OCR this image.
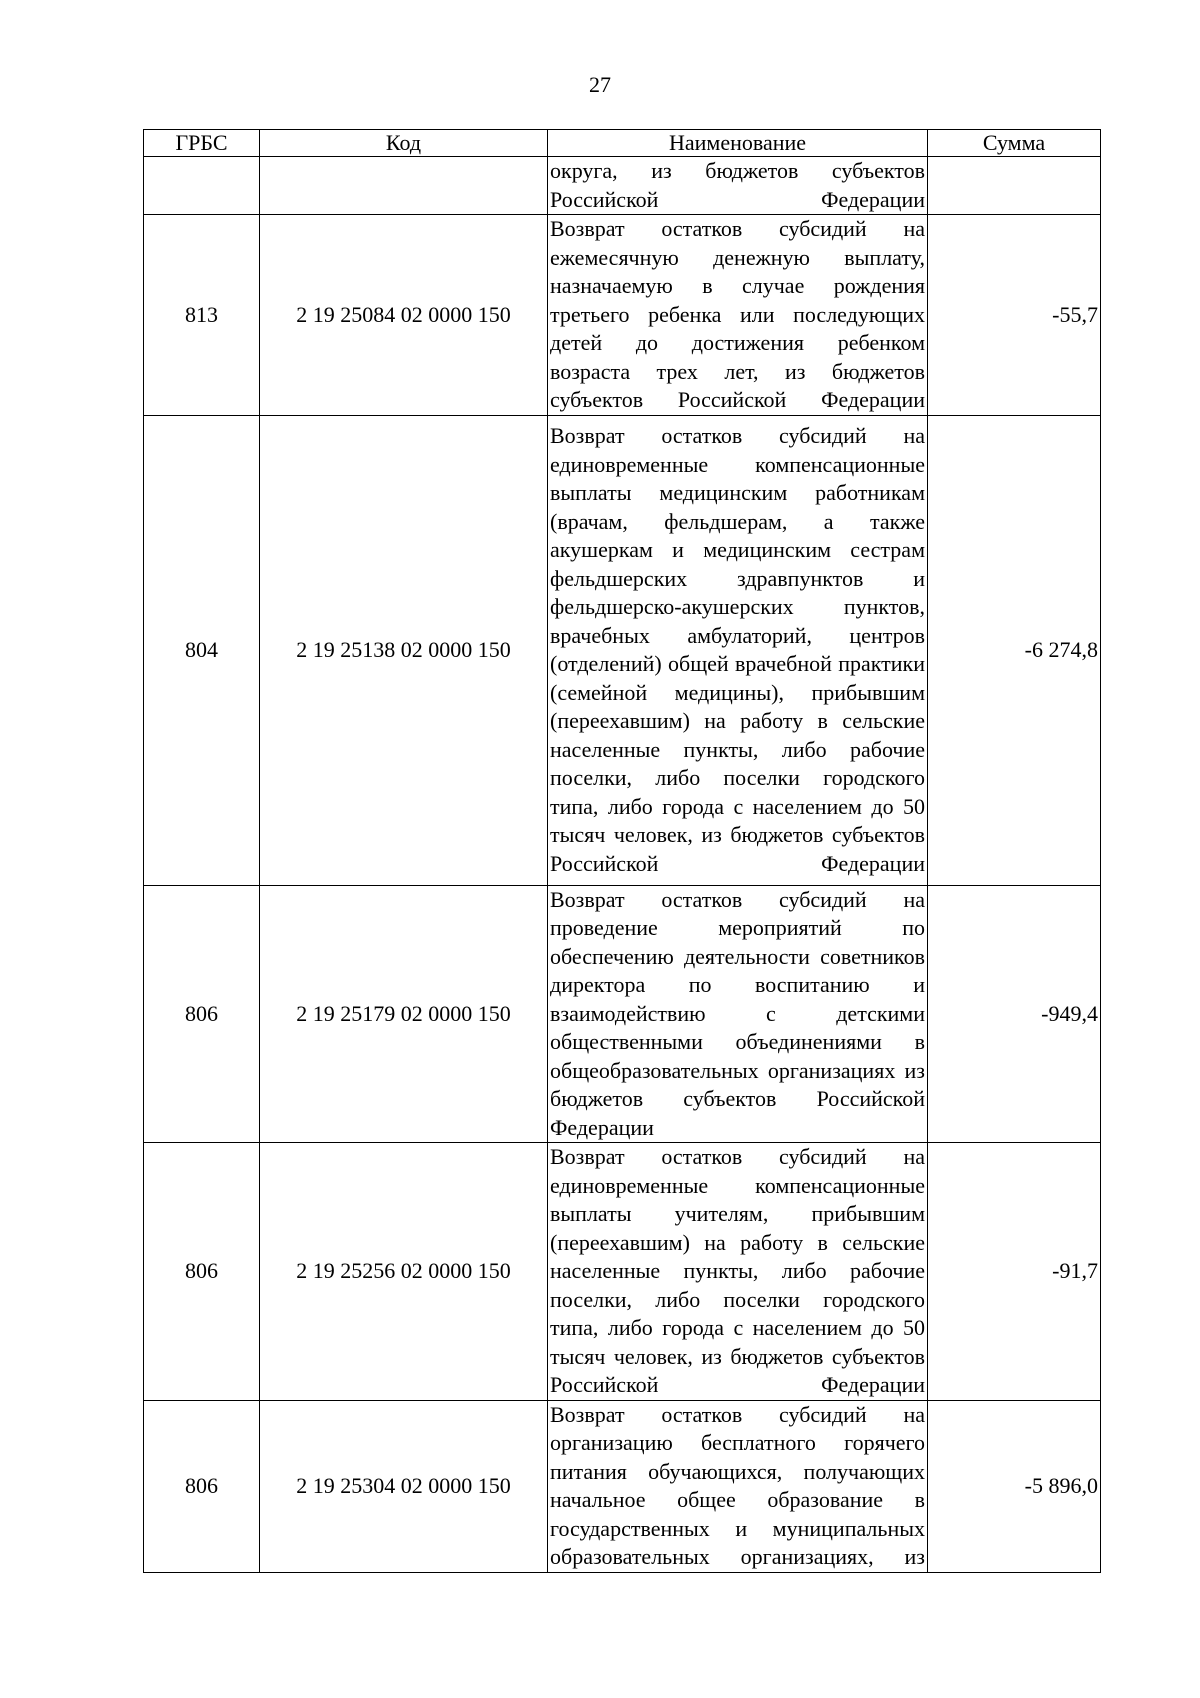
27
ГРБС	Код	Наименование	Сумма
		округа, из бюджетов субъектов Российской Федерации	
813	2 19 25084 02 0000 150	Возврат остатков субсидий на ежемесячную денежную выплату, назначаемую в случае рождения третьего ребенка или последующих детей до достижения ребенком возраста трех лет, из бюджетов субъектов Российской Федерации	-55,7
804	2 19 25138 02 0000 150	Возврат остатков субсидий на единовременные компенсационные выплаты медицинским работникам (врачам, фельдшерам, а также акушеркам и медицинским сестрам фельдшерских здравпунктов и фельдшерско-акушерских пунктов, врачебных амбулаторий, центров (отделений) общей врачебной практики (семейной медицины), прибывшим (переехавшим) на работу в сельские населенные пункты, либо рабочие поселки, либо поселки городского типа, либо города с населением до 50 тысяч человек, из бюджетов субъектов Российской Федерации	-6 274,8
806	2 19 25179 02 0000 150	Возврат остатков субсидий на проведение мероприятий по обеспечению деятельности советников директора по воспитанию и взаимодействию с детскими общественными объединениями в общеобразовательных организациях из бюджетов субъектов Российской Федерации	-949,4
806	2 19 25256 02 0000 150	Возврат остатков субсидий на единовременные компенсационные выплаты учителям, прибывшим (переехавшим) на работу в сельские населенные пункты, либо рабочие поселки, либо поселки городского типа, либо города с населением до 50 тысяч человек, из бюджетов субъектов Российской Федерации	-91,7
806	2 19 25304 02 0000 150	Возврат остатков субсидий на организацию бесплатного горячего питания обучающихся, получающих начальное общее образование в государственных и муниципальных образовательных организациях, из	-5 896,0
